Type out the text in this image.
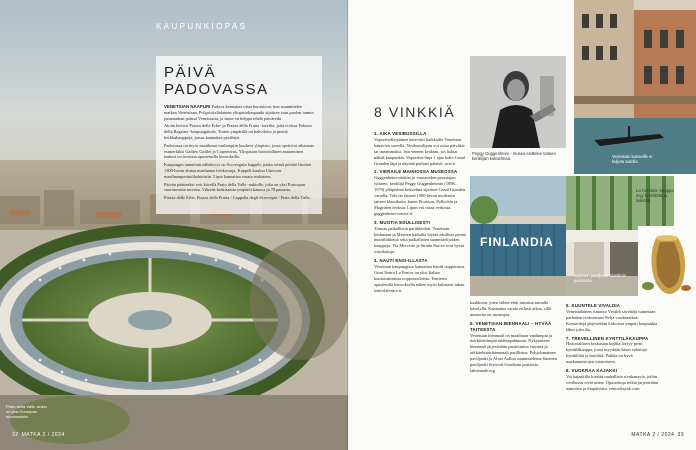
KAUPUNKIOPAS
PÄIVÄ PADOVASSA

VENETSIAN NAAPURI Padova kannattaa ottaa huomioon, kun suunnittelee matkaa Venetsiaan. Pohjoisitalialainen yliopistokaupunki sijaitsee vain puolen tunnin junamatkan päässä Venetsiasta, ja sinne on helppo tehdä päiväretki.

Aloita kierros Piazza delle Erbe- ja Piazza della Frutta -toreilta, joita erottaa Palazzo della Ragione -kaupungintalo. Torien ympärillä on kahviloita ja pieniä herkkukauppoja, joissa kannattaa pysähtyä.

Padovassa on myös maailman vanhimpiin kuuluva yliopisto, jossa opettivat aikanaan esimerkiksi Galileo Galilei ja Copernicus. Yliopiston historiallinen anatominen teatteri on avoinna opastetuilla kierroksilla.

Kaupungin tunnetuin nähtävyys on Scrovegnin kappeli, jonka seinät peittää Giotton 1300-luvun alussa maalaama freskosarja. Kappeli kuuluu Unescon maailmanperintökohteisiin. Liput kannattaa varata etukäteen.

Päivän päätteeksi voit kävellä Prato della Valle -aukiolle, joka on yksi Euroopan suurimmista toreista. Vihreää keskisaarta ympäröi kanava ja 78 patsasta.

Piazza delle Erbe, Piazza della Frutta / Cappella degli Scrovegni / Prato della Valle.

Prato della Valle -aukio on yksi Euroopan suurimmista.
32 MATKA 2 / 2024
Peggy Guggenheim - museo esittelee taiteen keräilijän kokoelmaa.	Venetsian kanaville ei kuljeta autolla.
8 VINKKIÄ
1. AIKA VESIBUSSILLA
Vaporettolla pääsee kätevästi kaikkialle Venetsian kanavien varrella. Vesibussilipun voi ostaa päiväksi tai useammaksi. Istu veneen keulaan, jos haluat nähdä kaupunkia. Vaporetto-linja 1 ajaa koko Canal Granden läpi ja näyttää parhaat palatsit. actv.it
2. VIERAILE MAINIOSSA MUSEOSSA
Guggenheim-säätiön ja -museoiden perustajan tyttären, keräilijä Peggy Guggenheimin (1898–1979) ylläpitämä kokoelma sijaitsee Canal Granden varrella. Talo on täynnä 1900-luvun modernin taiteen klassikoita, kuten Picasson, Pollockin ja Magritten teoksia. Lipun voi ostaa verkosta. guggenheim-venice.it
3. MUOTIA EDULLISESTI
Tutustu paikallisiin putiikkeihin. Venetsian keskustan ja Mestren kaduilta löytää edullisia pieniä muotiliikkeitä sekä paikallisten suunnittelijoiden kauppoja. Via Mercerie ja Strada Nuova ovat hyviä ostoskatuja.
4. NAUTI ENSI-ILLASTA
Venetsian kaupungissa kannattaa käydä oopperassa. Gran Teatro La Fenice on yksi Italian kuuluisimmista oopperataloista. Teatterin opastetulla kierroksella näkee myös kulissien takaa. teatrolafenice.it
FINLANDIA
Suomen paviljonki Giardinin puistossa.
La Candela -kauppa myy kynttilöitä ja lasitöitä
kaakkoon, joten siihen ehtii tutustua samalla kävelyllä. Kannattaa varata reilusti aikaa, sillä museoita on useampia.
5. VENETSIAN BIENNAALI – HYVÄÄ TAITEESTA
Venetsian biennaali on maailman vanhimpia ja merkittävimpiä taidetapahtumia. Nykytaiteen biennaali järjestetään parittomina vuosina ja arkkitehtuuribiennaali parillisina. Pohjoismainen paviljonki ja Alvar Aallon suunnittelema Suomen paviljonki löytyvät Giardinin puistosta. labiennale.org
6. KUUNTELE VIVALDIA
Venetsialainen Antonio Vivaldi säveltäjä tunnetaan parhaiten teoksestaan Neljä vuodenaikaa. Konsertteja järjestetään kirkoissa ympäri kaupunkia lähes joka ilta.
7. TREVELLINEN KYNTTILÄKAUPPA
Historiallisen keskustan kujilta löytyy pieni kynttiläkauppa, jossa myydään käsin valettuja kynttilöitä ja lasitöitä. Paikka on hyvä matkamuistojen ostamiseen.
8. VUOKRAA KAJAKKI
Voi kajaakilla kiertää rauhallisia sivukanavia, joihin vesibussit eivät mene. Opastettuja retkiä järjestetään aamuisin ja iltapäivisin. venicekayak.com
MATKA 2 / 2024 33
